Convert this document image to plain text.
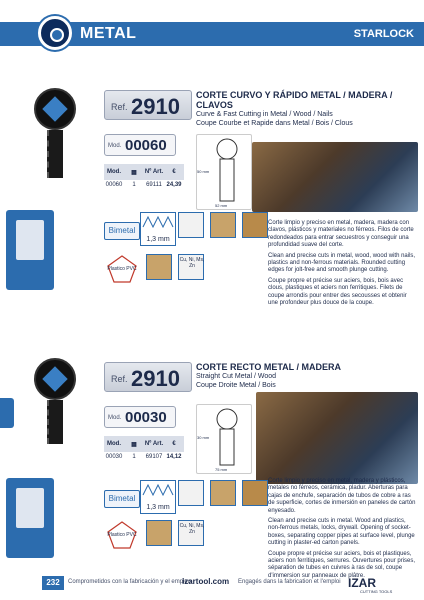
METAL	STARLOCK
Ref. 2910 CORTE CURVO Y RÁPIDO METAL / MADERA / CLAVOS
Curve & Fast Cutting in Metal / Wood / Nails
Coupe Courbe et Rapide dans Metal / Bois / Clous
Mod. 00060
50 mm
52 mm
Mod.	▦	Nº Art.	€
00060	1	69111 24,39
Bimetal
1,3 mm
Plastico PVC
Cu, Ni, Ms, Zn

Corte limpio y preciso en metal, madera, madera con clavos, plásticos y materiales no férreos. Filos de corte redondeados para entrar secuestros y conseguir una profundidad suave del corte.

Clean and precise cuts in metal, wood, wood with nails, plastics and non-ferrous materials. Rounded cutting edges for jolt-free and smooth plunge cutting.

Coupe propre et précise sur aciers, bois, bois avec clous, plastiques et aciers non ferritiques. Filets de coupe arrondis pour entrer des secousses et obtenir une profondeur plus douce de la coupe.

Ref. 2910 CORTE RECTO METAL / MADERA
Straight Cut Metal / Wood
Coupe Droite Metal / Bois
Mod. 00030
30 mm
75 mm
Mod.	▦	Nº Art.	€
00030	1	69107 14,12
Bimetal
1,3 mm
Plastico PVC
Cu, Ni, Ms, Zn

Corte limpio y preciso en metal, madera y plásticos, metales no férreos, cerámica, pladur. Aberturas para cajas de enchufe, separación de tubos de cobre a ras de superficie, cortes de inmersión en paneles de cartón enyesado.

Clean and precise cuts in metal. Wood and plastics, non-ferrous metals, locks, drywall. Opening of socket-boxes, separating copper pipes at surface level, plunge cutting in plaster-ed carton panels.

Coupe propre et précise sur aciers, bois et plastiques, aciers non ferritiques, serrures. Ouvertures pour prises, séparation de tubes en cuivres à ras de sol, coupe d'immersion sur panneaux de plâtre.

232	Comprometidos con la fabricación y el empleo
izartool.com Engagés dans la fabrication et l'emploi IZAR
CUTTING TOOLS
